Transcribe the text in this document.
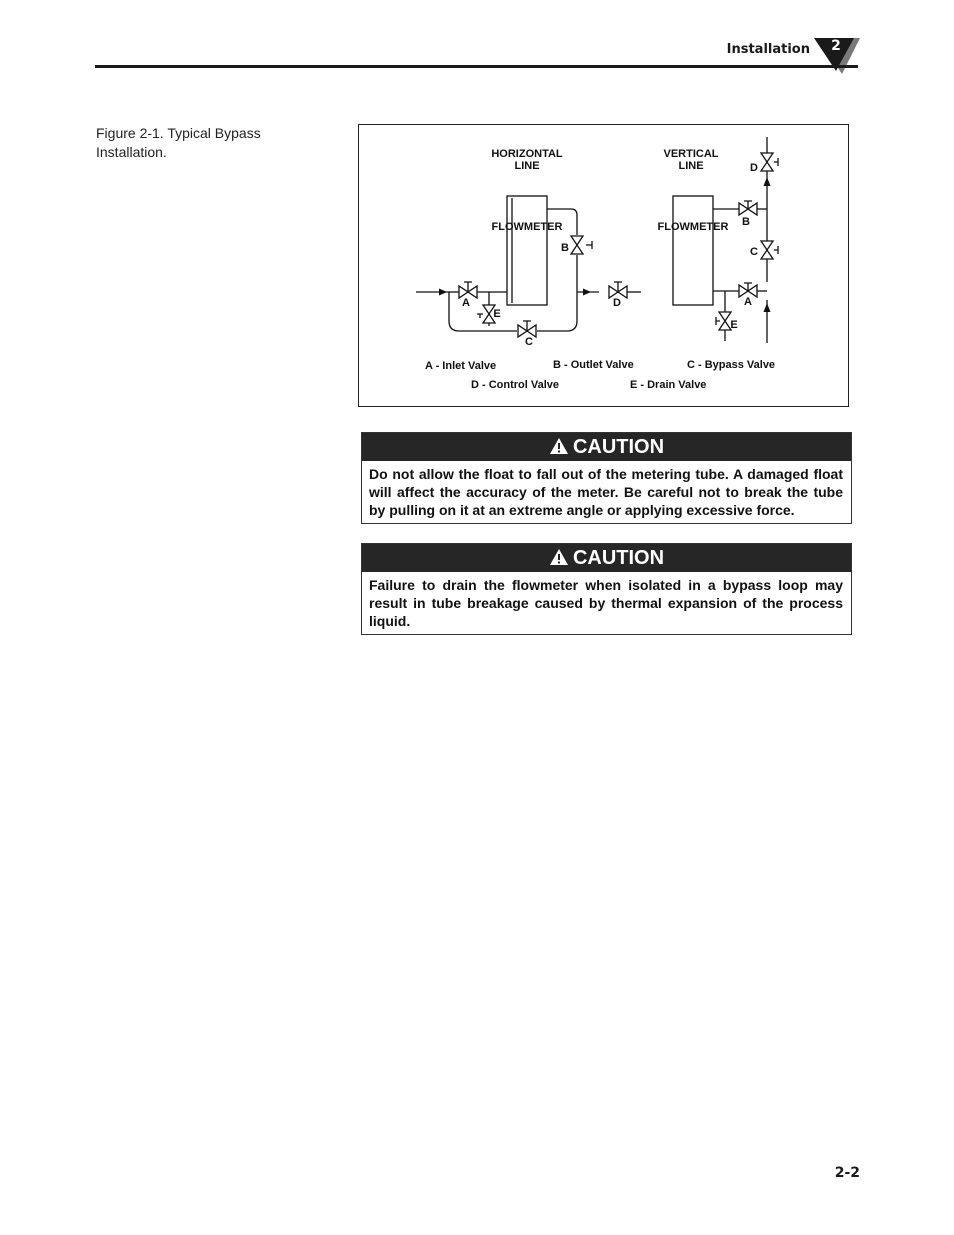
Installation	2
Figure 2-1. Typical Bypass
Installation.	HORIZONTAL
LINE
FLOWMETER
B
A
E
C
D
VERTICAL
LINE
FLOWMETER
D
B
C
A
E
A - Inlet Valve	B - Outlet Valve	C - Bypass Valve
D - Control Valve	E - Drain Valve
CAUTION
Do not allow the float to fall out of the metering tube. A damaged float will affect the accuracy of the meter. Be careful not to break the tube by pulling on it at an extreme angle or applying excessive force.
CAUTION
Failure to drain the flowmeter when isolated in a bypass loop may result in tube breakage caused by thermal expansion of the process liquid.
2-2
